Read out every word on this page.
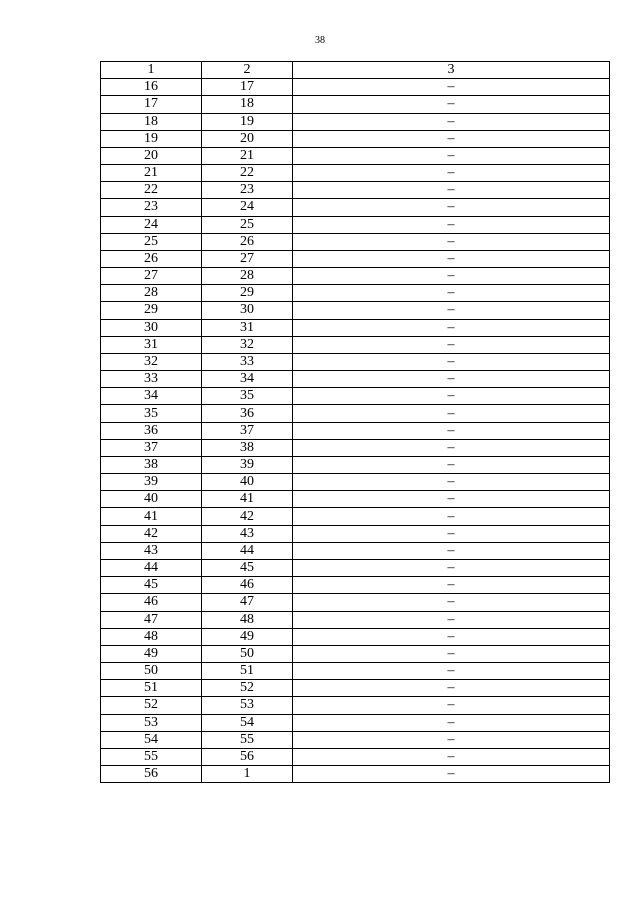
38
1	2	3
16	17	–
17	18	–
18	19	–
19	20	–
20	21	–
21	22	–
22	23	–
23	24	–
24	25	–
25	26	–
26	27	–
27	28	–
28	29	–
29	30	–
30	31	–
31	32	–
32	33	–
33	34	–
34	35	–
35	36	–
36	37	–
37	38	–
38	39	–
39	40	–
40	41	–
41	42	–
42	43	–
43	44	–
44	45	–
45	46	–
46	47	–
47	48	–
48	49	–
49	50	–
50	51	–
51	52	–
52	53	–
53	54	–
54	55	–
55	56	–
56	1	–
